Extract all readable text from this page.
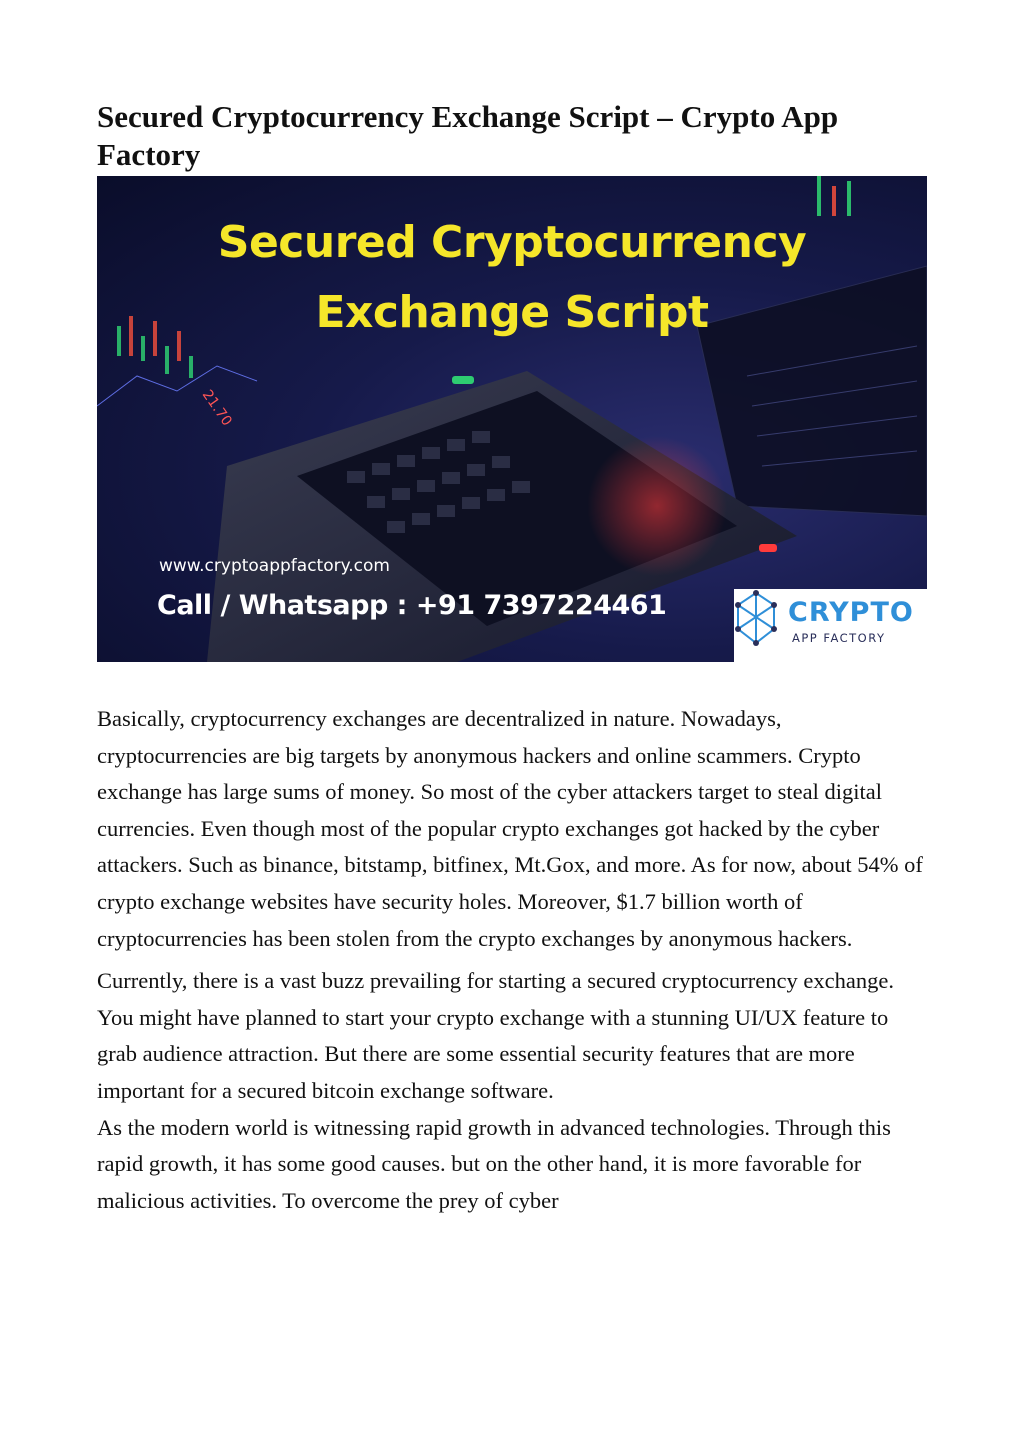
Secured Cryptocurrency Exchange Script – Crypto App Factory
21.70
Secured Cryptocurrency
Exchange Script
www.cryptoappfactory.com
Call / Whatsapp : +91 7397224461	CRYPTO
APP FACTORY

Basically, cryptocurrency exchanges are decentralized in nature. Nowadays, cryptocurrencies are big targets by anonymous hackers and online scammers. Crypto exchange has large sums of money. So most of the cyber attackers target to steal digital currencies. Even though most of the popular crypto exchanges got hacked by the cyber attackers. Such as binance, bitstamp, bitfinex, Mt.Gox, and more. As for now, about 54% of crypto exchange websites have security holes. Moreover, $1.7 billion worth of cryptocurrencies has been stolen from the crypto exchanges by anonymous hackers.

Currently, there is a vast buzz prevailing for starting a secured cryptocurrency exchange. You might have planned to start your crypto exchange with a stunning UI/UX feature to grab audience attraction. But there are some essential security features that are more important for a secured bitcoin exchange software.

As the modern world is witnessing rapid growth in advanced technologies. Through this rapid growth, it has some good causes. but on the other hand, it is more favorable for malicious activities. To overcome the prey of cyber
